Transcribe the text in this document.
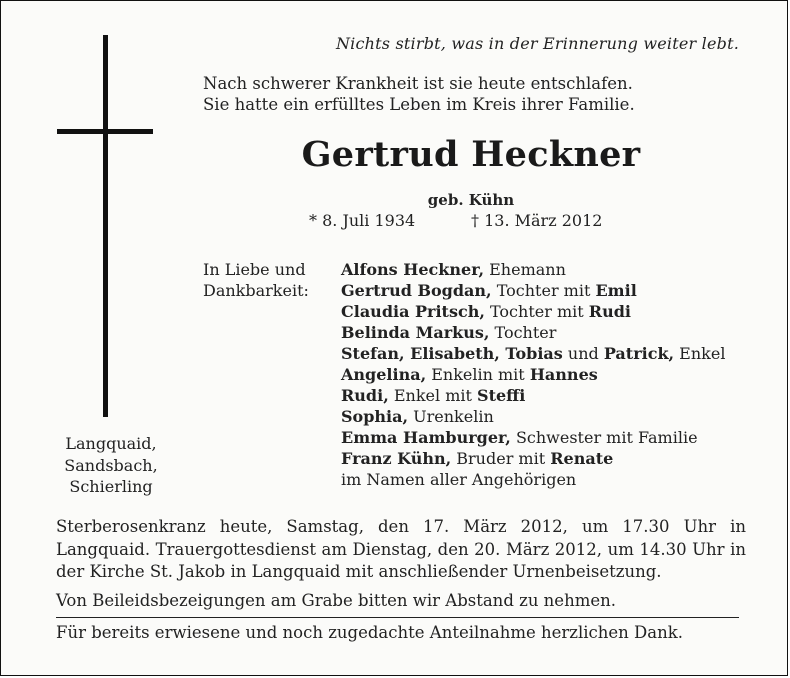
Nichts stirbt, was in der Erinnerung weiter lebt.
Nach schwerer Krankheit ist sie heute entschlafen.
Sie hatte ein erfülltes Leben im Kreis ihrer Familie.
Gertrud Heckner
geb. Kühn
* 8. Juli 1934	† 13. März 2012
In Liebe und
Dankbarkeit:
Alfons Heckner, Ehemann
Gertrud Bogdan, Tochter mit Emil
Claudia Pritsch, Tochter mit Rudi
Belinda Markus, Tochter
Stefan, Elisabeth, Tobias und Patrick, Enkel
Angelina, Enkelin mit Hannes
Rudi, Enkel mit Steffi
Sophia, Urenkelin
Emma Hamburger, Schwester mit Familie
Franz Kühn, Bruder mit Renate
im Namen aller Angehörigen
Langquaid,
Sandsbach,
Schierling
Sterberosenkranz heute, Samstag, den 17. März 2012, um 17.30 Uhr in Langquaid. Trauergottesdienst am Dienstag, den 20. März 2012, um 14.30 Uhr in der Kirche St. Jakob in Langquaid mit anschließender Urnenbeisetzung.
Von Beileidsbezeigungen am Grabe bitten wir Abstand zu nehmen.
Für bereits erwiesene und noch zugedachte Anteilnahme herzlichen Dank.
